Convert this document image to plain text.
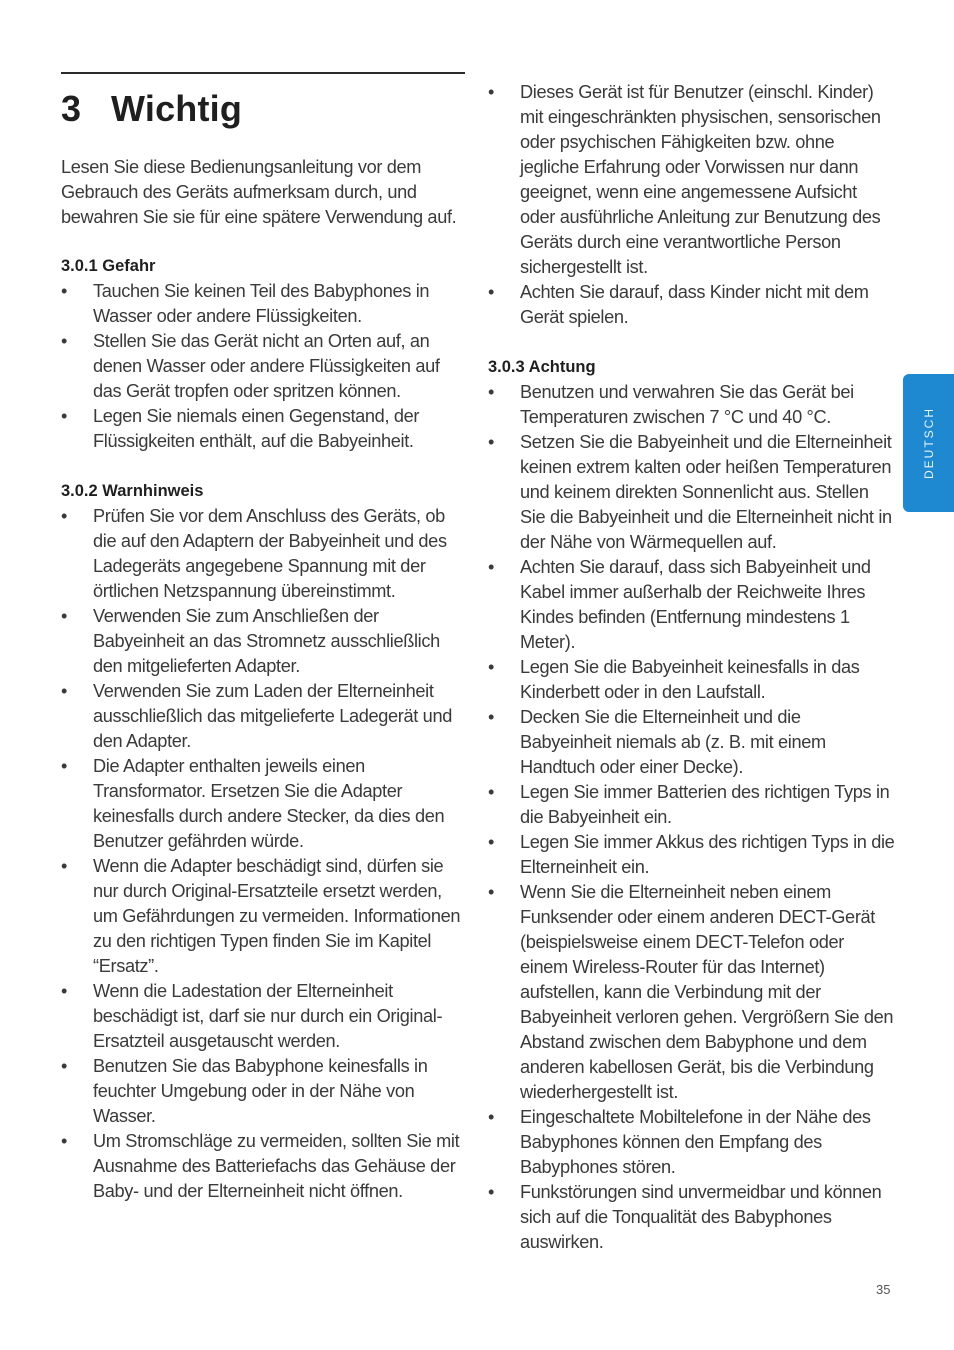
3 Wichtig

Lesen Sie diese Bedienungsanleitung vor dem Gebrauch des Geräts aufmerksam durch, und bewahren Sie sie für eine spätere Verwendung auf.

3.0.1 Gefahr

• Tauchen Sie keinen Teil des Babyphones in Wasser oder andere Flüssigkeiten.
• Stellen Sie das Gerät nicht an Orten auf, an denen Wasser oder andere Flüssigkeiten auf das Gerät tropfen oder spritzen können.
• Legen Sie niemals einen Gegenstand, der Flüssigkeiten enthält, auf die Babyeinheit.

3.0.2 Warnhinweis

• Prüfen Sie vor dem Anschluss des Geräts, ob die auf den Adaptern der Babyeinheit und des Ladegeräts angegebene Spannung mit der örtlichen Netzspannung übereinstimmt.
• Verwenden Sie zum Anschließen der Babyeinheit an das Stromnetz ausschließlich den mitgelieferten Adapter.
• Verwenden Sie zum Laden der Elterneinheit ausschließlich das mitgelieferte Ladegerät und den Adapter.
• Die Adapter enthalten jeweils einen Transformator. Ersetzen Sie die Adapter keinesfalls durch andere Stecker, da dies den Benutzer gefährden würde.
• Wenn die Adapter beschädigt sind, dürfen sie nur durch Original-Ersatzteile ersetzt werden, um Gefährdungen zu vermeiden. Informationen zu den richtigen Typen finden Sie im Kapitel “Ersatz”.
• Wenn die Ladestation der Elterneinheit beschädigt ist, darf sie nur durch ein Original-Ersatzteil ausgetauscht werden.
• Benutzen Sie das Babyphone keinesfalls in feuchter Umgebung oder in der Nähe von Wasser.
• Um Stromschläge zu vermeiden, sollten Sie mit Ausnahme des Batteriefachs das Gehäuse der Baby- und der Elterneinheit nicht öffnen.
• Dieses Gerät ist für Benutzer (einschl. Kinder) mit eingeschränkten physischen, sensorischen oder psychischen Fähigkeiten bzw. ohne jegliche Erfahrung oder Vorwissen nur dann geeignet, wenn eine angemessene Aufsicht oder ausführliche Anleitung zur Benutzung des Geräts durch eine verantwortliche Person sichergestellt ist.
• Achten Sie darauf, dass Kinder nicht mit dem Gerät spielen.

3.0.3 Achtung

• Benutzen und verwahren Sie das Gerät bei Temperaturen zwischen 7 °C und 40 °C.
• Setzen Sie die Babyeinheit und die Elterneinheit keinen extrem kalten oder heißen Temperaturen und keinem direkten Sonnenlicht aus. Stellen Sie die Babyeinheit und die Elterneinheit nicht in der Nähe von Wärmequellen auf.
• Achten Sie darauf, dass sich Babyeinheit und Kabel immer außerhalb der Reichweite Ihres Kindes befinden (Entfernung mindestens 1 Meter).
• Legen Sie die Babyeinheit keinesfalls in das Kinderbett oder in den Laufstall.
• Decken Sie die Elterneinheit und die Babyeinheit niemals ab (z. B. mit einem Handtuch oder einer Decke).
• Legen Sie immer Batterien des richtigen Typs in die Babyeinheit ein.
• Legen Sie immer Akkus des richtigen Typs in die Elterneinheit ein.
• Wenn Sie die Elterneinheit neben einem Funksender oder einem anderen DECT-Gerät (beispielsweise einem DECT-Telefon oder einem Wireless-Router für das Internet) aufstellen, kann die Verbindung mit der Babyeinheit verloren gehen. Vergrößern Sie den Abstand zwischen dem Babyphone und dem anderen kabellosen Gerät, bis die Verbindung wiederhergestellt ist.
• Eingeschaltete Mobiltelefone in der Nähe des Babyphones können den Empfang des Babyphones stören.
• Funkstörungen sind unvermeidbar und können sich auf die Tonqualität des Babyphones auswirken.
DEUTSCH
35
